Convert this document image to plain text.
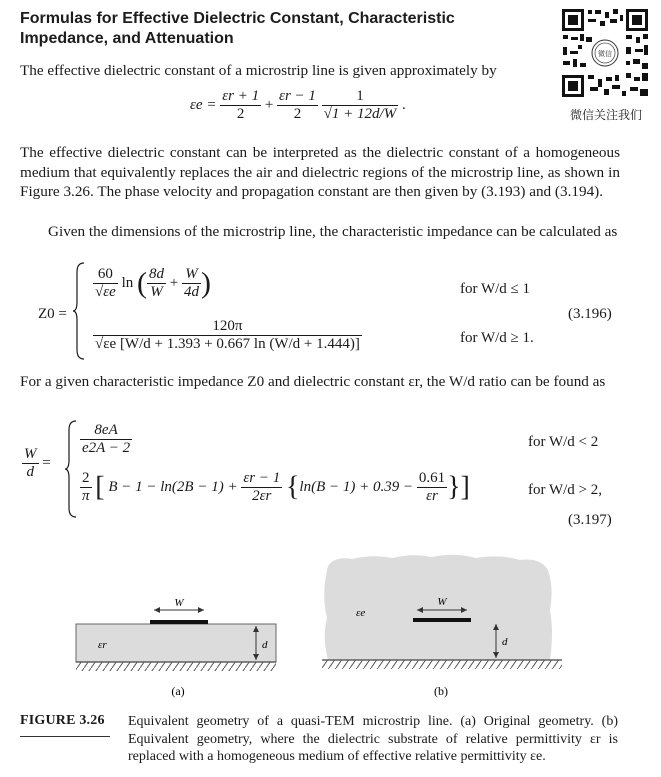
Formulas for Effective Dielectric Constant, Characteristic Impedance, and Attenuation
微信
微信关注我们
The effective dielectric constant of a microstrip line is given approximately by
$\varepsilon e = \frac{\varepsilon r + 1}{2} + \frac{\varepsilon r - 1}{2}$
$\frac{1}{√1 + 12d/W}$ .
The effective dielectric constant can be interpreted as the dielectric constant of a homogeneous medium that equivalently replaces the air and dielectric regions of the microstrip line, as shown in Figure 3.26. The phase velocity and propagation constant are then given by (3.193) and (3.194).
Given the dimensions of the microstrip line, the characteristic impedance can be calculated as
Z0 =
$\frac{60}{√\varepsilon e}$ ln ( $\frac{8d}{W} + \frac{W}{4d}$ )	for W/d ≤ 1
$\frac{120\pi}{√\varepsilon e [W/d + 1.393 + 0.667 \ln (W/d + 1.444)]}$	for W/d ≥ 1.
(3.196)
For a given characteristic impedance Z0 and dielectric constant εr, the W/d ratio can be found as
$\frac{W}{d}$ =
$\frac{8eA}{e2A - 2}$	for W/d < 2
$\frac{2}{\pi}$ [ $B - 1 - \ln(2B - 1) + \frac{\varepsilon r - 1}{2\varepsilon r} \{\ln(B - 1) + 0.39 - \frac{0.61}{\varepsilon r}$ }]	for W/d > 2,
(3.197)
W
εr	d
(a)
W
εe
d
(b)
FIGURE 3.26 Equivalent geometry of a quasi-TEM microstrip line. (a) Original geometry. (b) Equivalent geometry, where the dielectric substrate of relative permittivity εr is replaced with a homogeneous medium of effective relative permittivity εe.
